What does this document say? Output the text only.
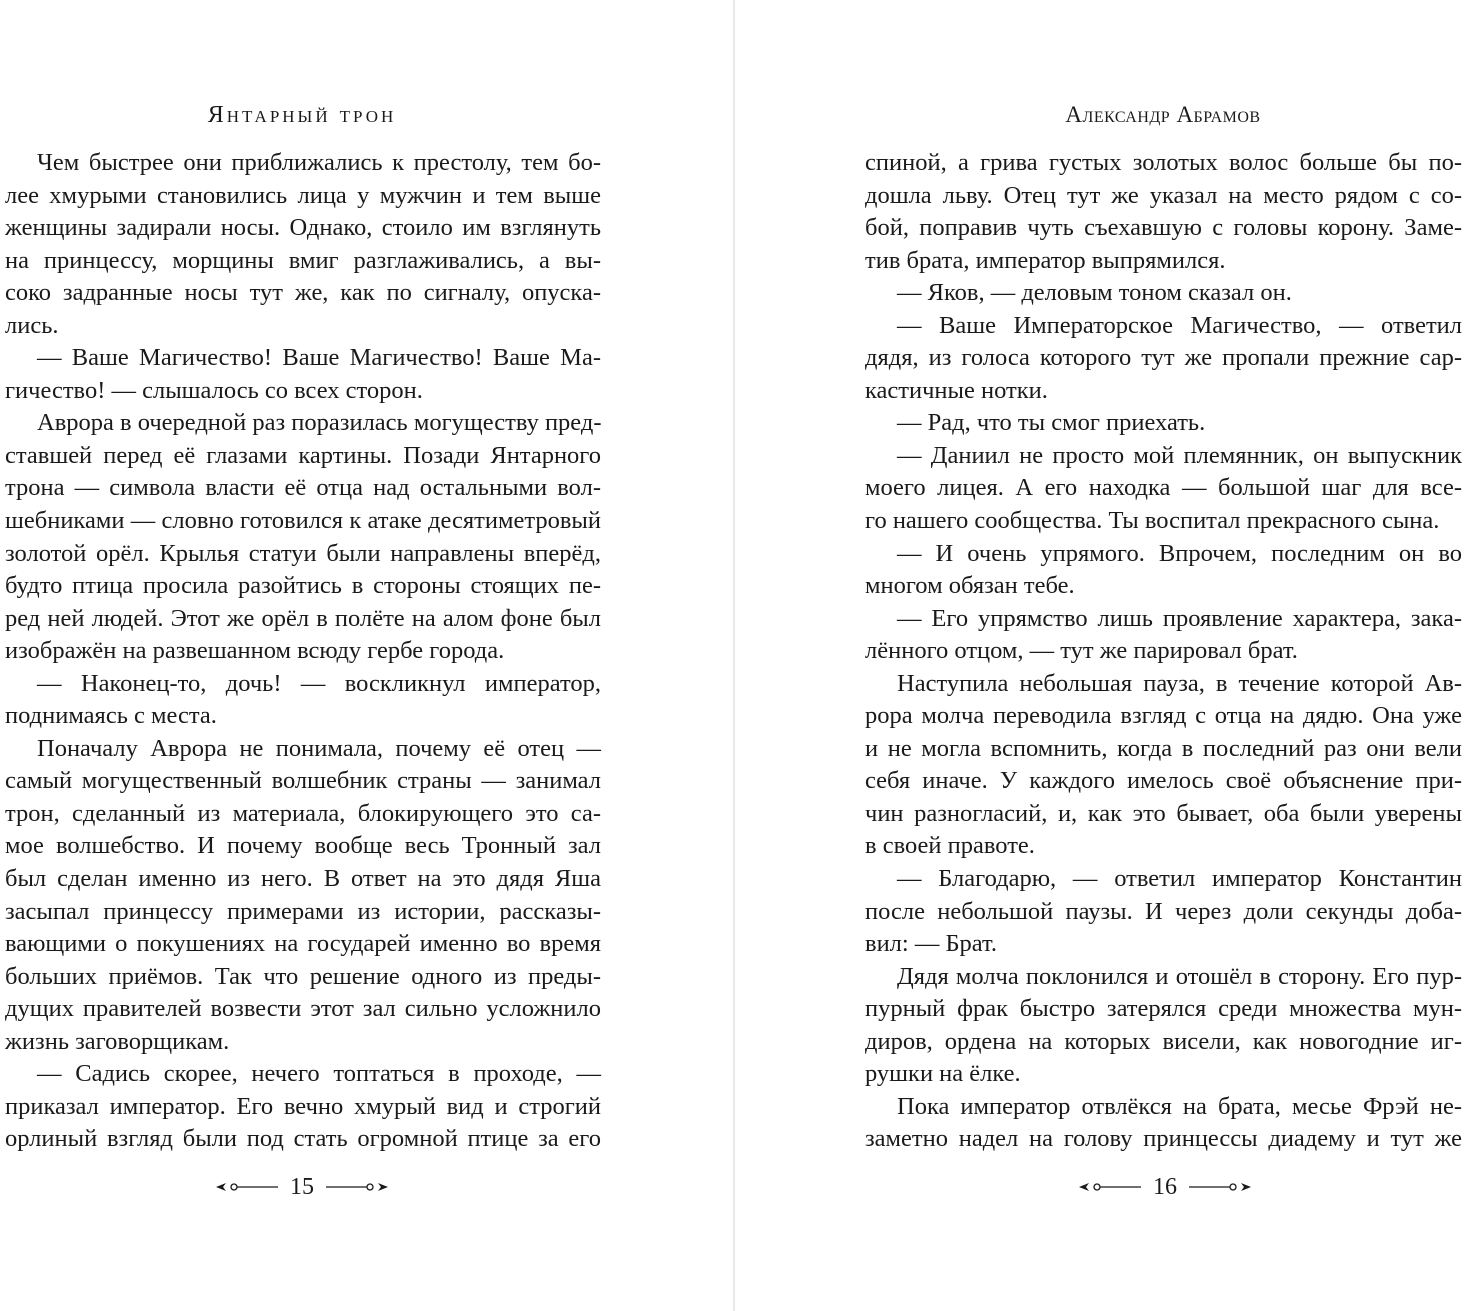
Янтарный трон
Чем быстрее они приближались к престолу, тем бо-
лее хмурыми становились лица у мужчин и тем выше
женщины задирали носы. Однако, стоило им взглянуть
на принцессу, морщины вмиг разглаживались, а вы-
соко задранные носы тут же, как по сигналу, опуска-
лись.
— Ваше Магичество! Ваше Магичество! Ваше Ма-
гичество! — слышалось со всех сторон.
Аврора в очередной раз поразилась могуществу пред-
ставшей перед её глазами картины. Позади Янтарного
трона — символа власти её отца над остальными вол-
шебниками — словно готовился к атаке десятиметровый
золотой орёл. Крылья статуи были направлены вперёд,
будто птица просила разойтись в стороны стоящих пе-
ред ней людей. Этот же орёл в полёте на алом фоне был
изображён на развешанном всюду гербе города.
— Наконец-то, дочь! — воскликнул император,
поднимаясь с места.
Поначалу Аврора не понимала, почему её отец —
самый могущественный волшебник страны — занимал
трон, сделанный из материала, блокирующего это са-
мое волшебство. И почему вообще весь Тронный зал
был сделан именно из него. В ответ на это дядя Яша
засыпал принцессу примерами из истории, рассказы-
вающими о покушениях на государей именно во время
больших приёмов. Так что решение одного из преды-
дущих правителей возвести этот зал сильно усложнило
жизнь заговорщикам.
— Садись скорее, нечего топтаться в проходе, —
приказал император. Его вечно хмурый вид и строгий
орлиный взгляд были под стать огромной птице за его
15
Александр Абрамов
спиной, а грива густых золотых волос больше бы по-
дошла льву. Отец тут же указал на место рядом с со-
бой, поправив чуть съехавшую с головы корону. Заме-
тив брата, император выпрямился.
— Яков, — деловым тоном сказал он.
— Ваше Императорское Магичество, — ответил
дядя, из голоса которого тут же пропали прежние сар-
кастичные нотки.
— Рад, что ты смог приехать.
— Даниил не просто мой племянник, он выпускник
моего лицея. А его находка — большой шаг для все-
го нашего сообщества. Ты воспитал прекрасного сына.
— И очень упрямого. Впрочем, последним он во
многом обязан тебе.
— Его упрямство лишь проявление характера, зака-
лённого отцом, — тут же парировал брат.
Наступила небольшая пауза, в течение которой Ав-
рора молча переводила взгляд с отца на дядю. Она уже
и не могла вспомнить, когда в последний раз они вели
себя иначе. У каждого имелось своё объяснение при-
чин разногласий, и, как это бывает, оба были уверены
в своей правоте.
— Благодарю, — ответил император Константин
после небольшой паузы. И через доли секунды доба-
вил: — Брат.
Дядя молча поклонился и отошёл в сторону. Его пур-
пурный фрак быстро затерялся среди множества мун-
диров, ордена на которых висели, как новогодние иг-
рушки на ёлке.
Пока император отвлёкся на брата, месье Фрэй не-
заметно надел на голову принцессы диадему и тут же
16
